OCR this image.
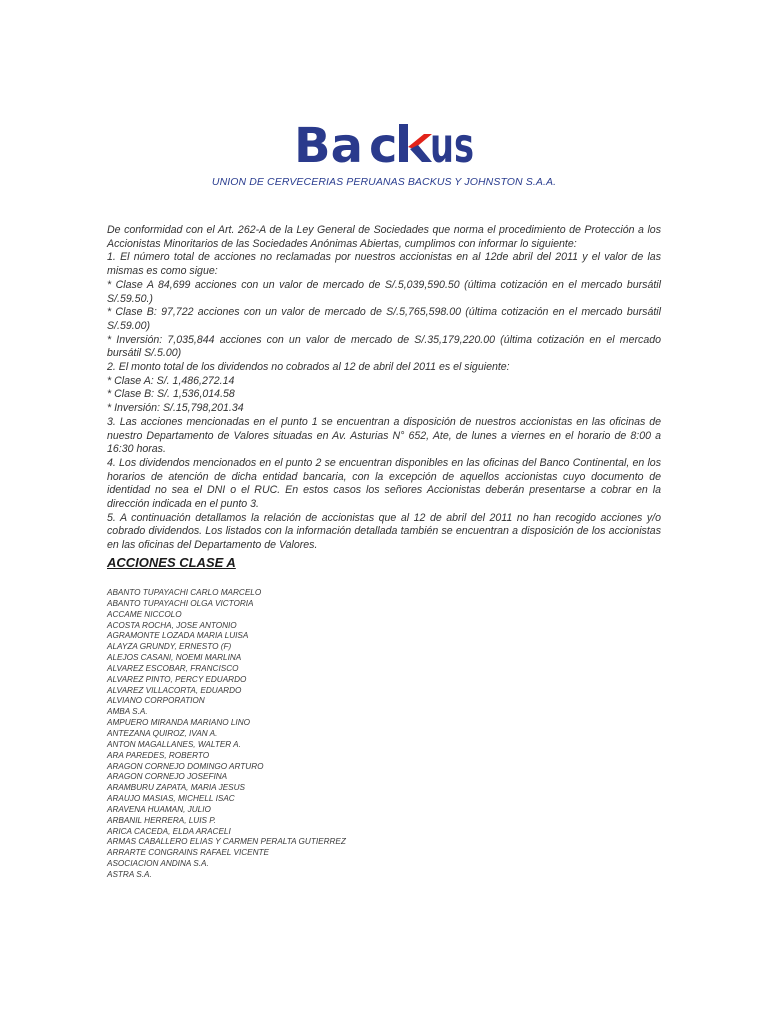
Ba c us
UNION DE CERVECERIAS PERUANAS BACKUS Y JOHNSTON S.A.A.

De conformidad con el Art. 262-A de la Ley General de Sociedades que norma el procedimiento de Protección a los Accionistas Minoritarios de las Sociedades Anónimas Abiertas, cumplimos con informar lo siguiente:

1. El número total de acciones no reclamadas por nuestros accionistas en al 12de abril del 2011 y el valor de las mismas es como sigue:

* Clase A 84,699 acciones con un valor de mercado de S/.5,039,590.50 (última cotización en el mercado bursátil S/.59.50.)

* Clase B: 97,722 acciones con un valor de mercado de S/.5,765,598.00 (última cotización en el mercado bursátil S/.59.00)

* Inversión: 7,035,844 acciones con un valor de mercado de S/.35,179,220.00 (última cotización en el mercado bursátil S/.5.00)

2. El monto total de los dividendos no cobrados al 12 de abril del 2011 es el siguiente:

* Clase A: S/. 1,486,272.14

* Clase B: S/. 1,536,014.58

* Inversión: S/.15,798,201.34

3. Las acciones mencionadas en el punto 1 se encuentran a disposición de nuestros accionistas en las oficinas de nuestro Departamento de Valores situadas en Av. Asturias N° 652, Ate, de lunes a viernes en el horario de 8:00 a 16:30 horas.

4. Los dividendos mencionados en el punto 2 se encuentran disponibles en las oficinas del Banco Continental, en los horarios de atención de dicha entidad bancaria, con la excepción de aquellos accionistas cuyo documento de identidad no sea el DNI o el RUC. En estos casos los señores Accionistas deberán presentarse a cobrar en la dirección indicada en el punto 3.

5. A continuación detallamos la relación de accionistas que al 12 de abril del 2011 no han recogido acciones y/o cobrado dividendos. Los listados con la información detallada también se encuentran a disposición de los accionistas en las oficinas del Departamento de Valores.

ACCIONES CLASE A
ABANTO TUPAYACHI CARLO MARCELO
ABANTO TUPAYACHI OLGA VICTORIA
ACCAME NICCOLO
ACOSTA ROCHA, JOSE ANTONIO
AGRAMONTE LOZADA MARIA LUISA
ALAYZA GRUNDY, ERNESTO (F)
ALEJOS CASANI, NOEMI MARLINA
ALVAREZ ESCOBAR, FRANCISCO
ALVAREZ PINTO, PERCY EDUARDO
ALVAREZ VILLACORTA, EDUARDO
ALVIANO CORPORATION
AMBA S.A.
AMPUERO MIRANDA MARIANO LINO
ANTEZANA QUIROZ, IVAN A.
ANTON MAGALLANES, WALTER A.
ARA PAREDES, ROBERTO
ARAGON CORNEJO DOMINGO ARTURO
ARAGON CORNEJO JOSEFINA
ARAMBURU ZAPATA, MARIA JESUS
ARAUJO MASIAS, MICHELL ISAC
ARAVENA HUAMAN, JULIO
ARBANIL HERRERA, LUIS P.
ARICA CACEDA, ELDA ARACELI
ARMAS CABALLERO ELIAS Y CARMEN PERALTA GUTIERREZ
ARRARTE CONGRAINS RAFAEL VICENTE
ASOCIACION ANDINA S.A.
ASTRA S.A.
